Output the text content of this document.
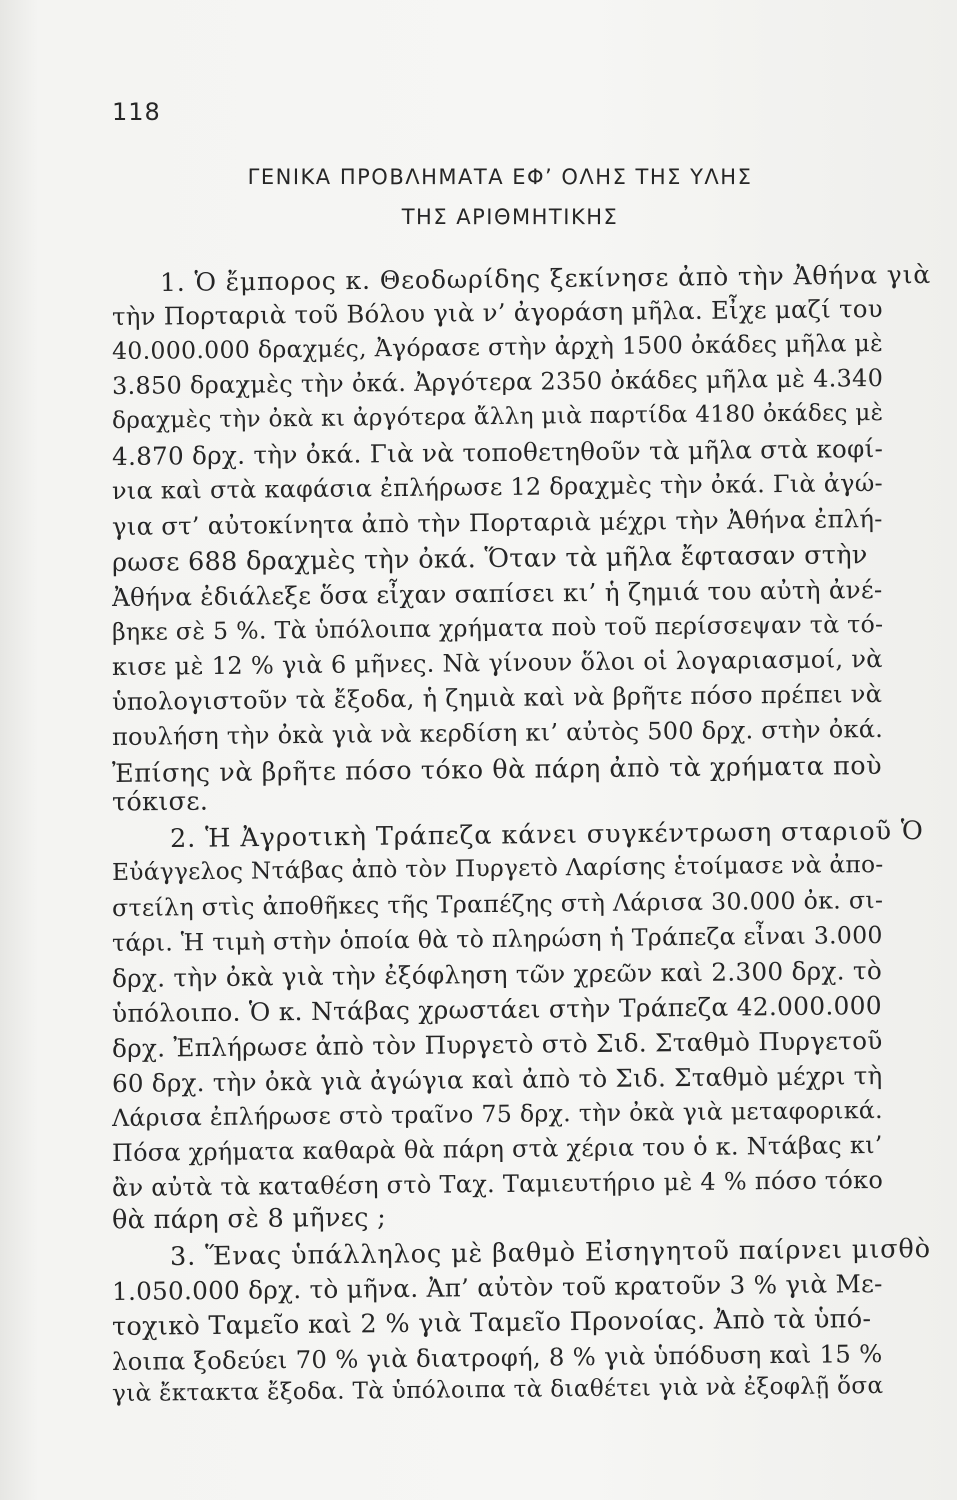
118
ΓΕΝΙΚΑ ΠΡΟΒΛΗΜΑΤΑ ΕΦ’ ΟΛΗΣ ΤΗΣ ΥΛΗΣ
ΤΗΣ ΑΡΙΘΜΗΤΙΚΗΣ
1. Ὁ ἔμπορος κ. Θεοδωρίδης ξεκίνησε ἀπὸ τὴν Ἀθήνα γιὰ
τὴν Πορταριὰ τοῦ Βόλου γιὰ ν’ ἀγοράση μῆλα. Εἶχε μαζί του
40.000.000 δραχμές, Ἀγόρασε στὴν ἀρχὴ 1500 ὀκάδες μῆλα μὲ
3.850 δραχμὲς τὴν ὀκά. Ἀργότερα 2350 ὀκάδες μῆλα μὲ 4.340
δραχμὲς τὴν ὀκὰ κι ἀργότερα ἄλλη μιὰ παρτίδα 4180 ὀκάδες μὲ
4.870 δρχ. τὴν ὀκά. Γιὰ νὰ τοποθετηθοῦν τὰ μῆλα στὰ κοφί-
νια καὶ στὰ καφάσια ἐπλήρωσε 12 δραχμὲς τὴν ὀκά. Γιὰ ἀγώ-
για στ’ αὐτοκίνητα ἀπὸ τὴν Πορταριὰ μέχρι τὴν Ἀθήνα ἐπλή-
ρωσε 688 δραχμὲς τὴν ὀκά. Ὅταν τὰ μῆλα ἔφτασαν στὴν
Ἀθήνα ἐδιάλεξε ὅσα εἶχαν σαπίσει κι’ ἡ ζημιά του αὐτὴ ἀνέ-
βηκε σὲ 5 %. Τὰ ὑπόλοιπα χρήματα ποὺ τοῦ περίσσεψαν τὰ τό-
κισε μὲ 12 % γιὰ 6 μῆνες. Νὰ γίνουν ὅλοι οἱ λογαριασμοί, νὰ
ὑπολογιστοῦν τὰ ἔξοδα, ἡ ζημιὰ καὶ νὰ βρῆτε πόσο πρέπει νὰ
πουλήση τὴν ὀκὰ γιὰ νὰ κερδίση κι’ αὐτὸς 500 δρχ. στὴν ὀκά.
Ἐπίσης νὰ βρῆτε πόσο τόκο θὰ πάρη ἀπὸ τὰ χρήματα ποὺ
τόκισε.
2. Ἡ Ἀγροτικὴ Τράπεζα κάνει συγκέντρωση σταριοῦ Ὁ
Εὐάγγελος Ντάβας ἀπὸ τὸν Πυργετὸ Λαρίσης ἑτοίμασε νὰ ἀπο-
στείλη στὶς ἀποθῆκες τῆς Τραπέζης στὴ Λάρισα 30.000 ὀκ. σι-
τάρι. Ἡ τιμὴ στὴν ὁποία θὰ τὸ πληρώση ἡ Τράπεζα εἶναι 3.000
δρχ. τὴν ὀκὰ γιὰ τὴν ἐξόφληση τῶν χρεῶν καὶ 2.300 δρχ. τὸ
ὑπόλοιπο. Ὁ κ. Ντάβας χρωστάει στὴν Τράπεζα 42.000.000
δρχ. Ἐπλήρωσε ἀπὸ τὸν Πυργετὸ στὸ Σιδ. Σταθμὸ Πυργετοῦ
60 δρχ. τὴν ὀκὰ γιὰ ἀγώγια καὶ ἀπὸ τὸ Σιδ. Σταθμὸ μέχρι τὴ
Λάρισα ἐπλήρωσε στὸ τραῖνο 75 δρχ. τὴν ὀκὰ γιὰ μεταφορικά.
Πόσα χρήματα καθαρὰ θὰ πάρη στὰ χέρια του ὁ κ. Ντάβας κι’
ἂν αὐτὰ τὰ καταθέση στὸ Ταχ. Ταμιευτήριο μὲ 4 % πόσο τόκο
θὰ πάρη σὲ 8 μῆνες ;
3. Ἕνας ὑπάλληλος μὲ βαθμὸ Εἰσηγητοῦ παίρνει μισθὸ
1.050.000 δρχ. τὸ μῆνα. Ἀπ’ αὐτὸν τοῦ κρατοῦν 3 % γιὰ Με-
τοχικὸ Ταμεῖο καὶ 2 % γιὰ Ταμεῖο Προνοίας. Ἀπὸ τὰ ὑπό-
λοιπα ξοδεύει 70 % γιὰ διατροφή, 8 % γιὰ ὑπόδυση καὶ 15 %
γιὰ ἔκτακτα ἔξοδα. Τὰ ὑπόλοιπα τὰ διαθέτει γιὰ νὰ ἐξοφλῇ ὅσα
